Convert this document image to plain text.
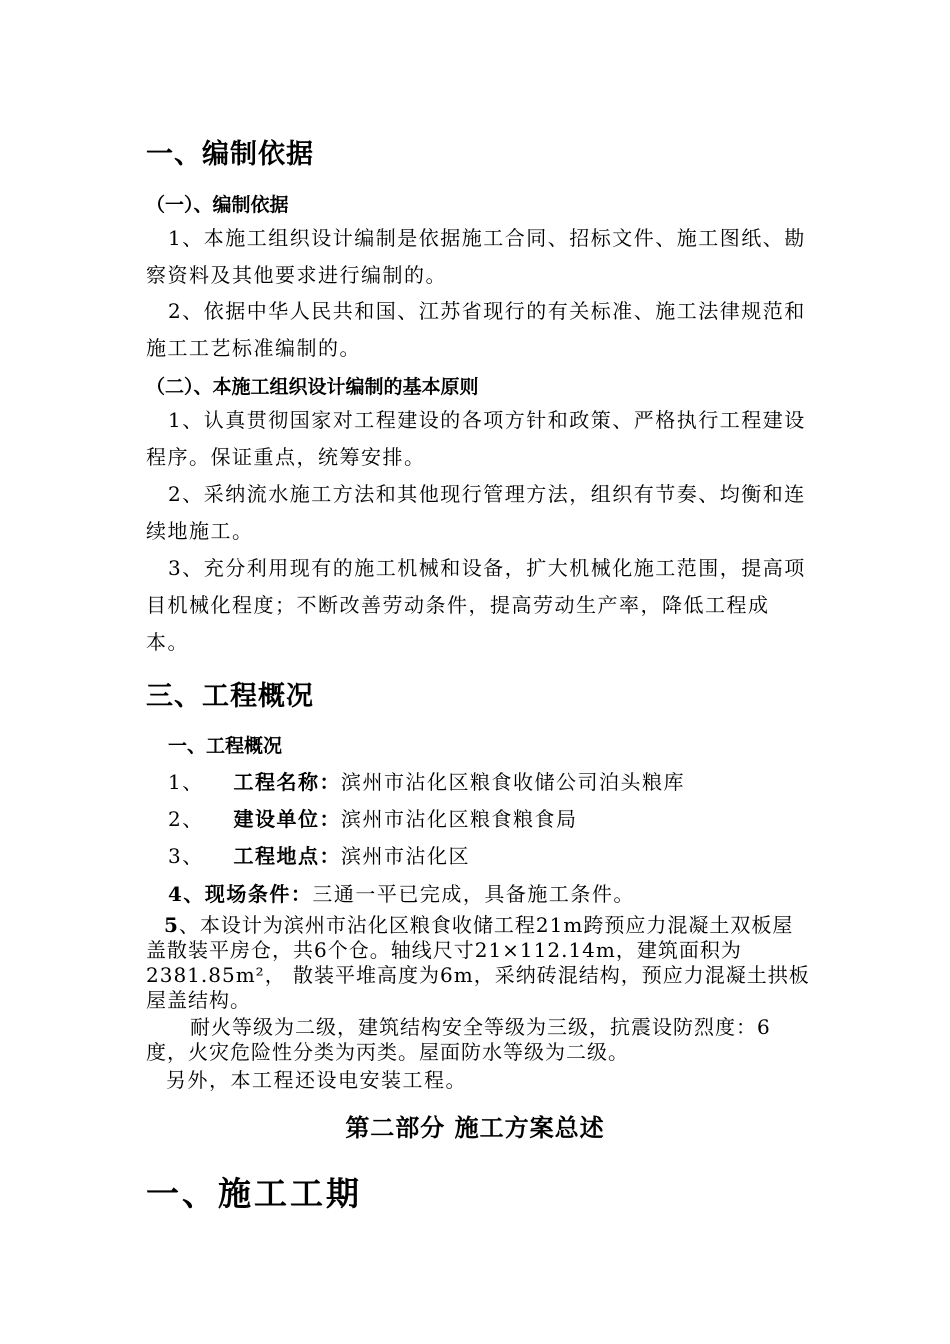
一、编制依据
（一）、编制依据
1、本施工组织设计编制是依据施工合同、招标文件、施工图纸、勘察资料及其他要求进行编制的。
2、依据中华人民共和国、江苏省现行的有关标准、施工法律规范和施工工艺标准编制的。
（二）、本施工组织设计编制的基本原则
1、认真贯彻国家对工程建设的各项方针和政策、严格执行工程建设程序。保证重点，统筹安排。
2、采纳流水施工方法和其他现行管理方法，组织有节奏、均衡和连续地施工。
3、充分利用现有的施工机械和设备，扩大机械化施工范围，提高项目机械化程度；不断改善劳动条件，提高劳动生产率，降低工程成本。
三、工程概况
一、工程概况
1、 工程名称：滨州市沾化区粮食收储公司泊头粮库
2、 建设单位：滨州市沾化区粮食粮食局
3、 工程地点：滨州市沾化区
4、现场条件：三通一平已完成，具备施工条件。
5、本设计为滨州市沾化区粮食收储工程21m跨预应力混凝土双板屋盖散装平房仓，共6个仓。轴线尺寸21×112.14m，建筑面积为2381.85m²， 散装平堆高度为6m，采纳砖混结构，预应力混凝土拱板屋盖结构。
耐火等级为二级，建筑结构安全等级为三级，抗震设防烈度：6度，火灾危险性分类为丙类。屋面防水等级为二级。
另外，本工程还设电安装工程。
第二部分 施工方案总述
一、施工工期
